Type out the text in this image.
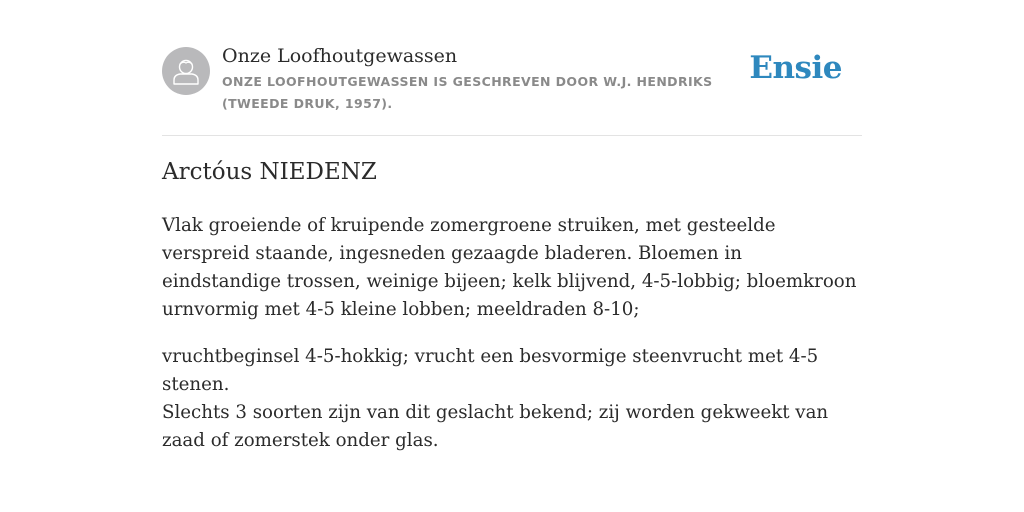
Onze Loofhoutgewassen
ONZE LOOFHOUTGEWASSEN IS GESCHREVEN DOOR W.J. HENDRIKS (TWEEDE DRUK, 1957).
Ensie
Arctóus NIEDENZ

Vlak groeiende of kruipende zomergroene struiken, met gesteelde verspreid staande, ingesneden gezaagde bladeren. Bloemen in eindstandige trossen, weinige bijeen; kelk blijvend, 4-5-lobbig; bloemkroon urnvormig met 4-5 kleine lobben; meeldraden 8-10;

vruchtbeginsel 4-5-hokkig; vrucht een besvormige steenvrucht met 4-5 stenen.

Slechts 3 soorten zijn van dit geslacht bekend; zij worden gekweekt van zaad of zomerstek onder glas.
